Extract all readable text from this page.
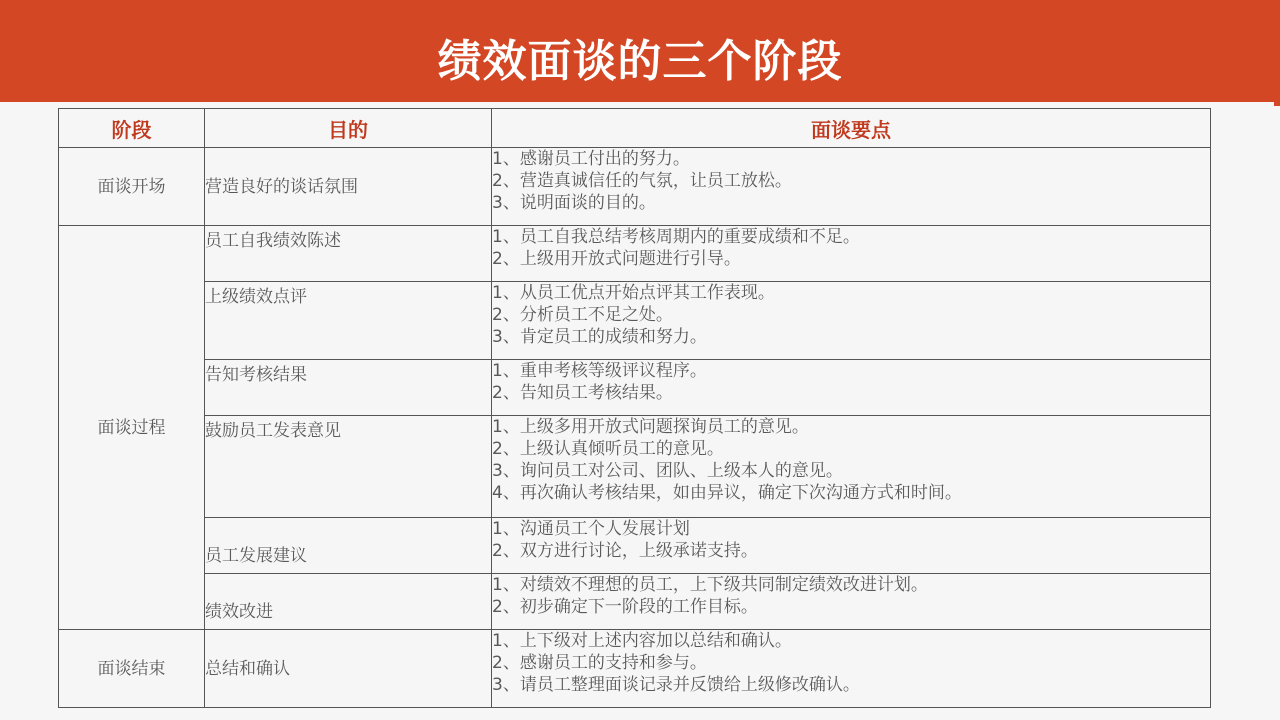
绩效面谈的三个阶段
阶段	目的	面谈要点
面谈开场	营造良好的谈话氛围	1、感谢员工付出的努力。
2、营造真诚信任的气氛，让员工放松。
3、说明面谈的目的。

面谈过程	员工自我绩效陈述	1、员工自我总结考核周期内的重要成绩和不足。
2、上级用开放式问题进行引导。

	上级绩效点评	1、从员工优点开始点评其工作表现。
2、分析员工不足之处。
3、肯定员工的成绩和努力。

	告知考核结果	1、重申考核等级评议程序。
2、告知员工考核结果。

	鼓励员工发表意见	1、上级多用开放式问题探询员工的意见。
2、上级认真倾听员工的意见。
3、询问员工对公司、团队、上级本人的意见。
4、再次确认考核结果，如由异议，确定下次沟通方式和时间。

	员工发展建议	1、沟通员工个人发展计划
2、双方进行讨论，上级承诺支持。

	绩效改进	1、对绩效不理想的员工，上下级共同制定绩效改进计划。
2、初步确定下一阶段的工作目标。

面谈结束	总结和确认	1、上下级对上述内容加以总结和确认。
2、感谢员工的支持和参与。
3、请员工整理面谈记录并反馈给上级修改确认。
